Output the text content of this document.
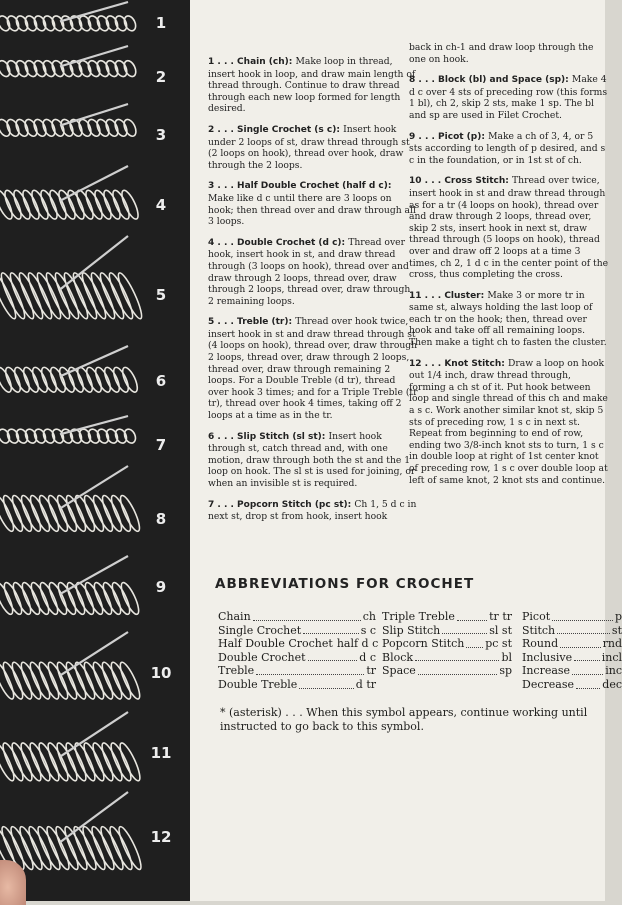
1
2
3
4
5
6
7
8
9
10
11
12
1 . . . Chain (ch): Make loop in thread, insert hook in loop, and draw main length of thread through. Continue to draw thread through each new loop formed for length desired.
2 . . . Single Crochet (s c): Insert hook under 2 loops of st, draw thread through st (2 loops on hook), thread over hook, draw through the 2 loops.
3 . . . Half Double Crochet (half d c): Make like d c until there are 3 loops on hook; then thread over and draw through all 3 loops.
4 . . . Double Crochet (d c): Thread over hook, insert hook in st, and draw thread through (3 loops on hook), thread over and draw through 2 loops, thread over, draw through 2 loops, thread over, draw through 2 remaining loops.
5 . . . Treble (tr): Thread over hook twice, insert hook in st and draw thread through st (4 loops on hook), thread over, draw through 2 loops, thread over, draw through 2 loops, thread over, draw through remaining 2 loops. For a Double Treble (d tr), thread over hook 3 times; and for a Triple Treble (tr tr), thread over hook 4 times, taking off 2 loops at a time as in the tr.
6 . . . Slip Stitch (sl st): Insert hook through st, catch thread and, with one motion, draw through both the st and the 1 loop on hook. The sl st is used for joining, or when an invisible st is required.
7 . . . Popcorn Stitch (pc st): Ch 1, 5 d c in next st, drop st from hook, insert hook
back in ch-1 and draw loop through the one on hook.
8 . . . Block (bl) and Space (sp): Make 4 d c over 4 sts of preceding row (this forms 1 bl), ch 2, skip 2 sts, make 1 sp. The bl and sp are used in Filet Crochet.
9 . . . Picot (p): Make a ch of 3, 4, or 5 sts according to length of p desired, and s c in the foundation, or in 1st st of ch.
10 . . . Cross Stitch: Thread over twice, insert hook in st and draw thread through as for a tr (4 loops on hook), thread over and draw through 2 loops, thread over, skip 2 sts, insert hook in next st, draw thread through (5 loops on hook), thread over and draw off 2 loops at a time 3 times, ch 2, 1 d c in the center point of the cross, thus completing the cross.
11 . . . Cluster: Make 3 or more tr in same st, always holding the last loop of each tr on the hook; then, thread over hook and take off all remaining loops. Then make a tight ch to fasten the cluster.
12 . . . Knot Stitch: Draw a loop on hook out 1/4 inch, draw thread through, forming a ch st of it. Put hook between loop and single thread of this ch and make a s c. Work another similar knot st, skip 5 sts of preceding row, 1 s c in next st. Repeat from beginning to end of row, ending two 3/8-inch knot sts to turn, 1 s c in double loop at right of 1st center knot of preceding row, 1 s c over double loop at left of same knot, 2 knot sts and continue.
ABBREVIATIONS FOR CROCHET
Chain	ch
Single Crochet	s c
Half Double Crochet half d c
Double Crochet	d c
Treble	tr
Double Treble	d tr
Triple Treble	tr tr
Slip Stitch	sl st
Popcorn Stitch pc st
Block	bl
Space	sp
Picot	p
Stitch	st
Round	rnd
Inclusive	incl
Increase	inc
Decrease	dec
* (asterisk) . . . When this symbol appears, continue working until instructed to go back to this symbol.
